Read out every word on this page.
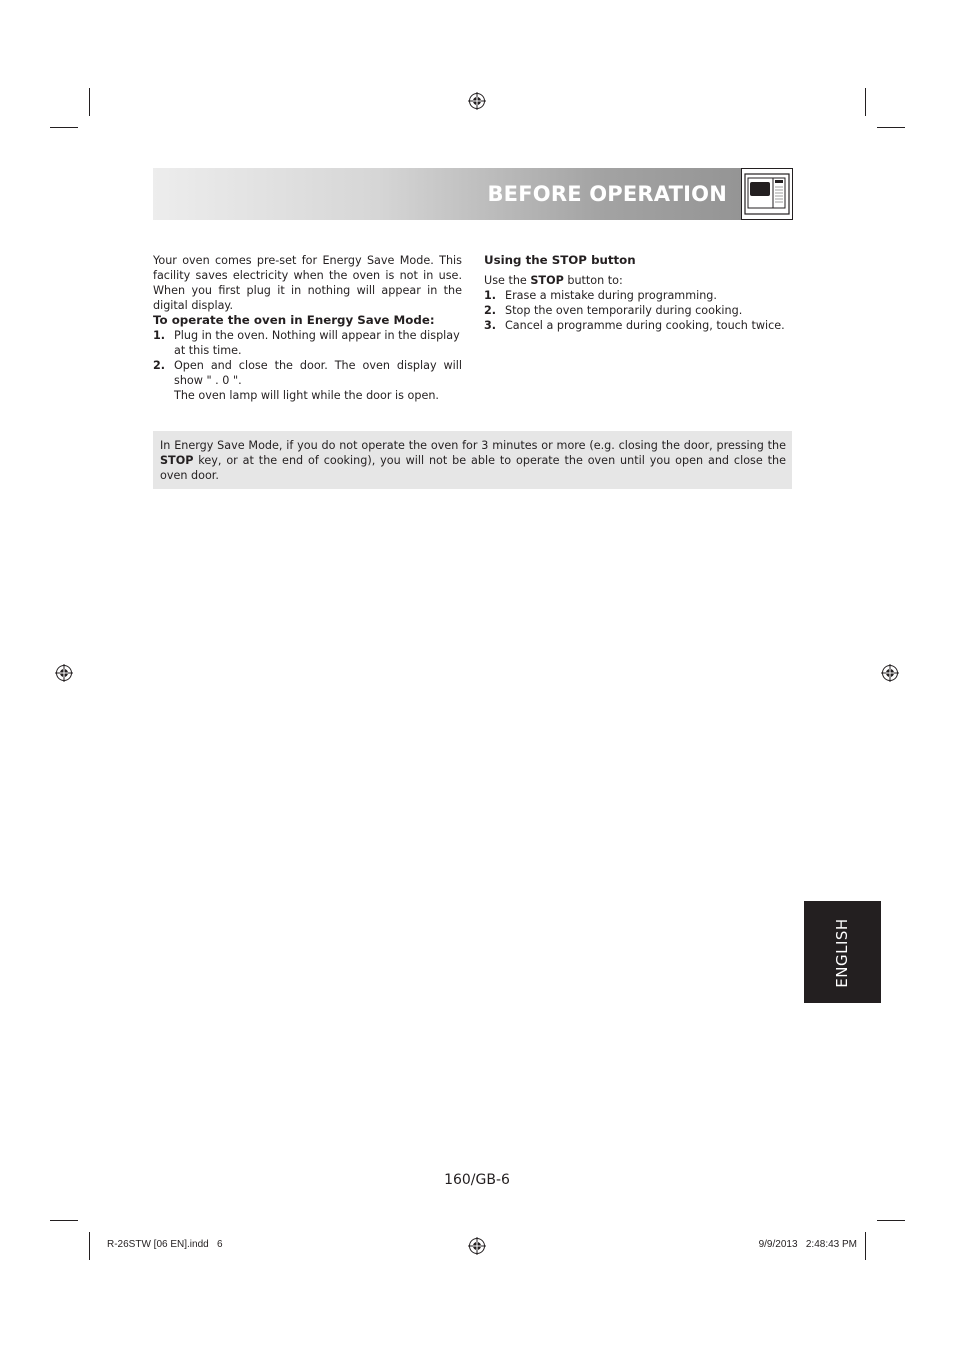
BEFORE OPERATION

Your oven comes pre-set for Energy Save Mode. This facility saves electricity when the oven is not in use. When you first plug it in nothing will appear in the digital display.

To operate the oven in Energy Save Mode:

1. Plug in the oven. Nothing will appear in the display at this time.
2. Open and close the door. The oven display will show " . 0 ".
The oven lamp will light while the door is open.

Using the STOP button

Use the STOP button to:

1. Erase a mistake during programming.
2. Stop the oven temporarily during cooking.
3. Cancel a programme during cooking, touch twice.
In Energy Save Mode, if you do not operate the oven for 3 minutes or more (e.g. closing the door, pressing the STOP key, or at the end of cooking), you will not be able to operate the oven until you open and close the oven door.
ENGLISH
160/GB-6
R-26STW [06 EN].indd   6	9/9/2013   2:48:43 PM
